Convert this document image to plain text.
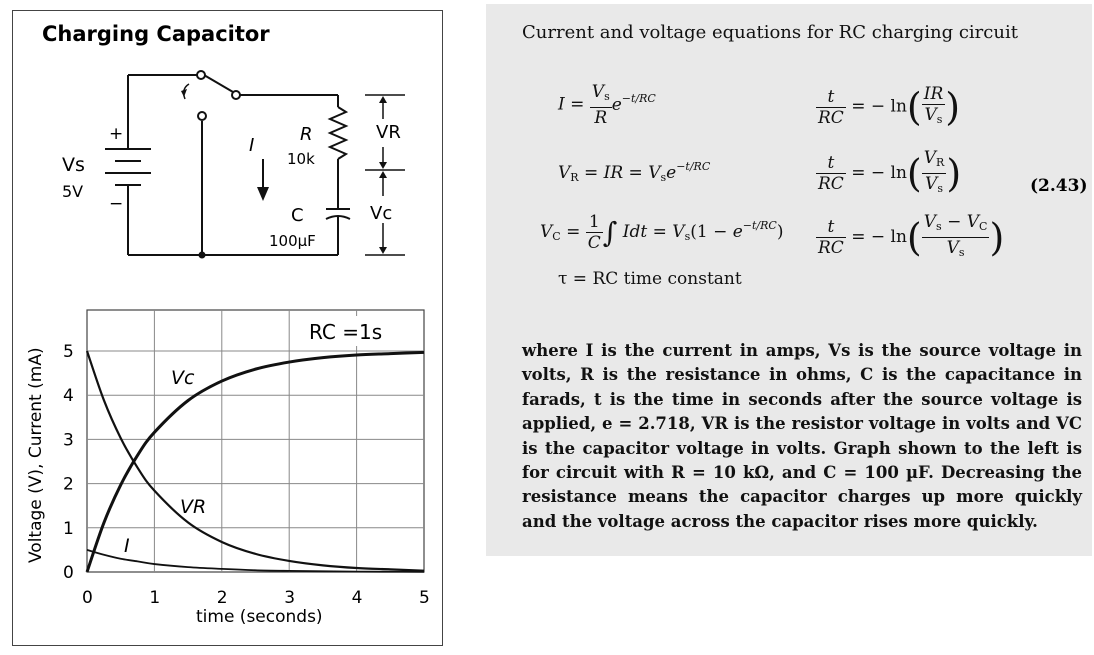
Charging Capacitor
+
−
Vs
5V
R
10k
I
C
100µF
VR
Vc
0	1	2	3	4	5
0
1
2
3
4
5
RC =1s
time (seconds)
Voltage (V), Current (mA)	Vc
VR
I
Current and voltage equations for RC charging circuit
$I = \frac{V_s}{R} e^{-t/RC}$
$V_R$ = IR = $V_se^{-t/RC}$
$V_C = \frac{1}{C}$ ∫ Idt = $V_s(1 - e^{-t/RC})$
τ = RC time constant
$\frac{t}{RC}$ = − $\ln( \frac{IR}{V_s}$ )
$\frac{t}{RC}$ = − $\ln( \frac{V_R}{V_s}$ )
$\frac{t}{RC}$ = − $\ln( \frac{V_s - V_C}{V_s}$ )
(2.43)
where I is the current in amps, Vs is the source voltage in volts, R is the resistance in ohms, C is the capacitance in farads, t is the time in seconds after the source voltage is applied, e = 2.718, VR is the resistor voltage in volts and VC is the capacitor voltage in volts. Graph shown to the left is for circuit with R = 10 kΩ, and C = 100 µF. Decreasing the resistance means the capacitor charges up more quickly and the voltage across the capacitor rises more quickly.
